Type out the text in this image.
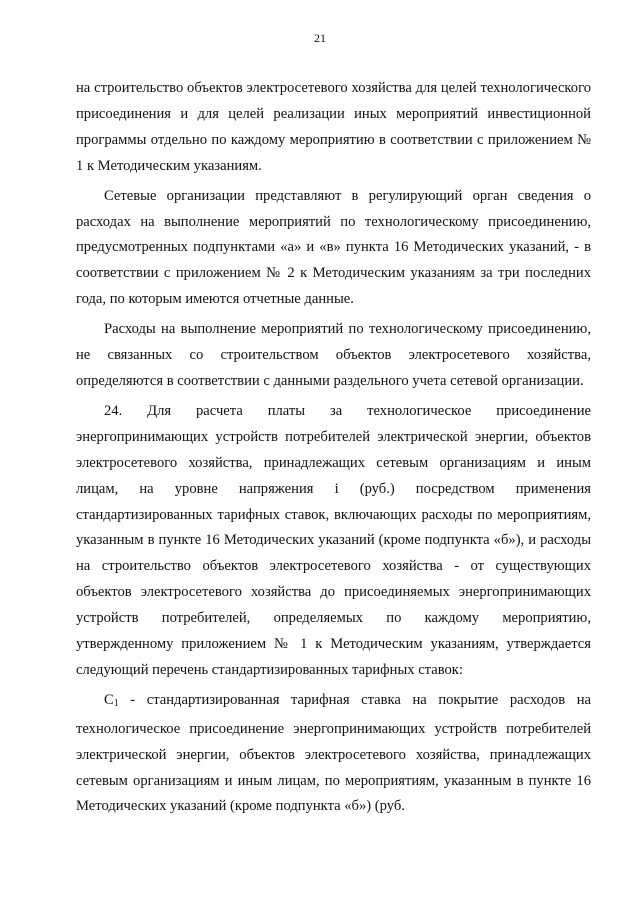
21

на строительство объектов электросетевого хозяйства для целей технологического присоединения и для целей реализации иных мероприятий инвестиционной программы отдельно по каждому мероприятию в соответствии с приложением № 1 к Методическим указаниям.

Сетевые организации представляют в регулирующий орган сведения о расходах на выполнение мероприятий по технологическому присоединению, предусмотренных подпунктами «а» и «в» пункта 16 Методических указаний, - в соответствии с приложением № 2 к Методическим указаниям за три последних года, по которым имеются отчетные данные.

Расходы на выполнение мероприятий по технологическому присоединению, не связанных со строительством объектов электросетевого хозяйства, определяются в соответствии с данными раздельного учета сетевой организации.

24. Для расчета платы за технологическое присоединение энергопринимающих устройств потребителей электрической энергии, объектов электросетевого хозяйства, принадлежащих сетевым организациям и иным лицам, на уровне напряжения i (руб.) посредством применения стандартизированных тарифных ставок, включающих расходы по мероприятиям, указанным в пункте 16 Методических указаний (кроме подпункта «б»), и расходы на строительство объектов электросетевого хозяйства - от существующих объектов электросетевого хозяйства до присоединяемых энергопринимающих устройств потребителей, определяемых по каждому мероприятию, утвержденному приложением № 1 к Методическим указаниям, утверждается следующий перечень стандартизированных тарифных ставок:

$C_1$ - стандартизированная тарифная ставка на покрытие расходов на технологическое присоединение энергопринимающих устройств потребителей электрической энергии, объектов электросетевого хозяйства, принадлежащих сетевым организациям и иным лицам, по мероприятиям, указанным в пункте 16 Методических указаний (кроме подпункта «б») (руб.
